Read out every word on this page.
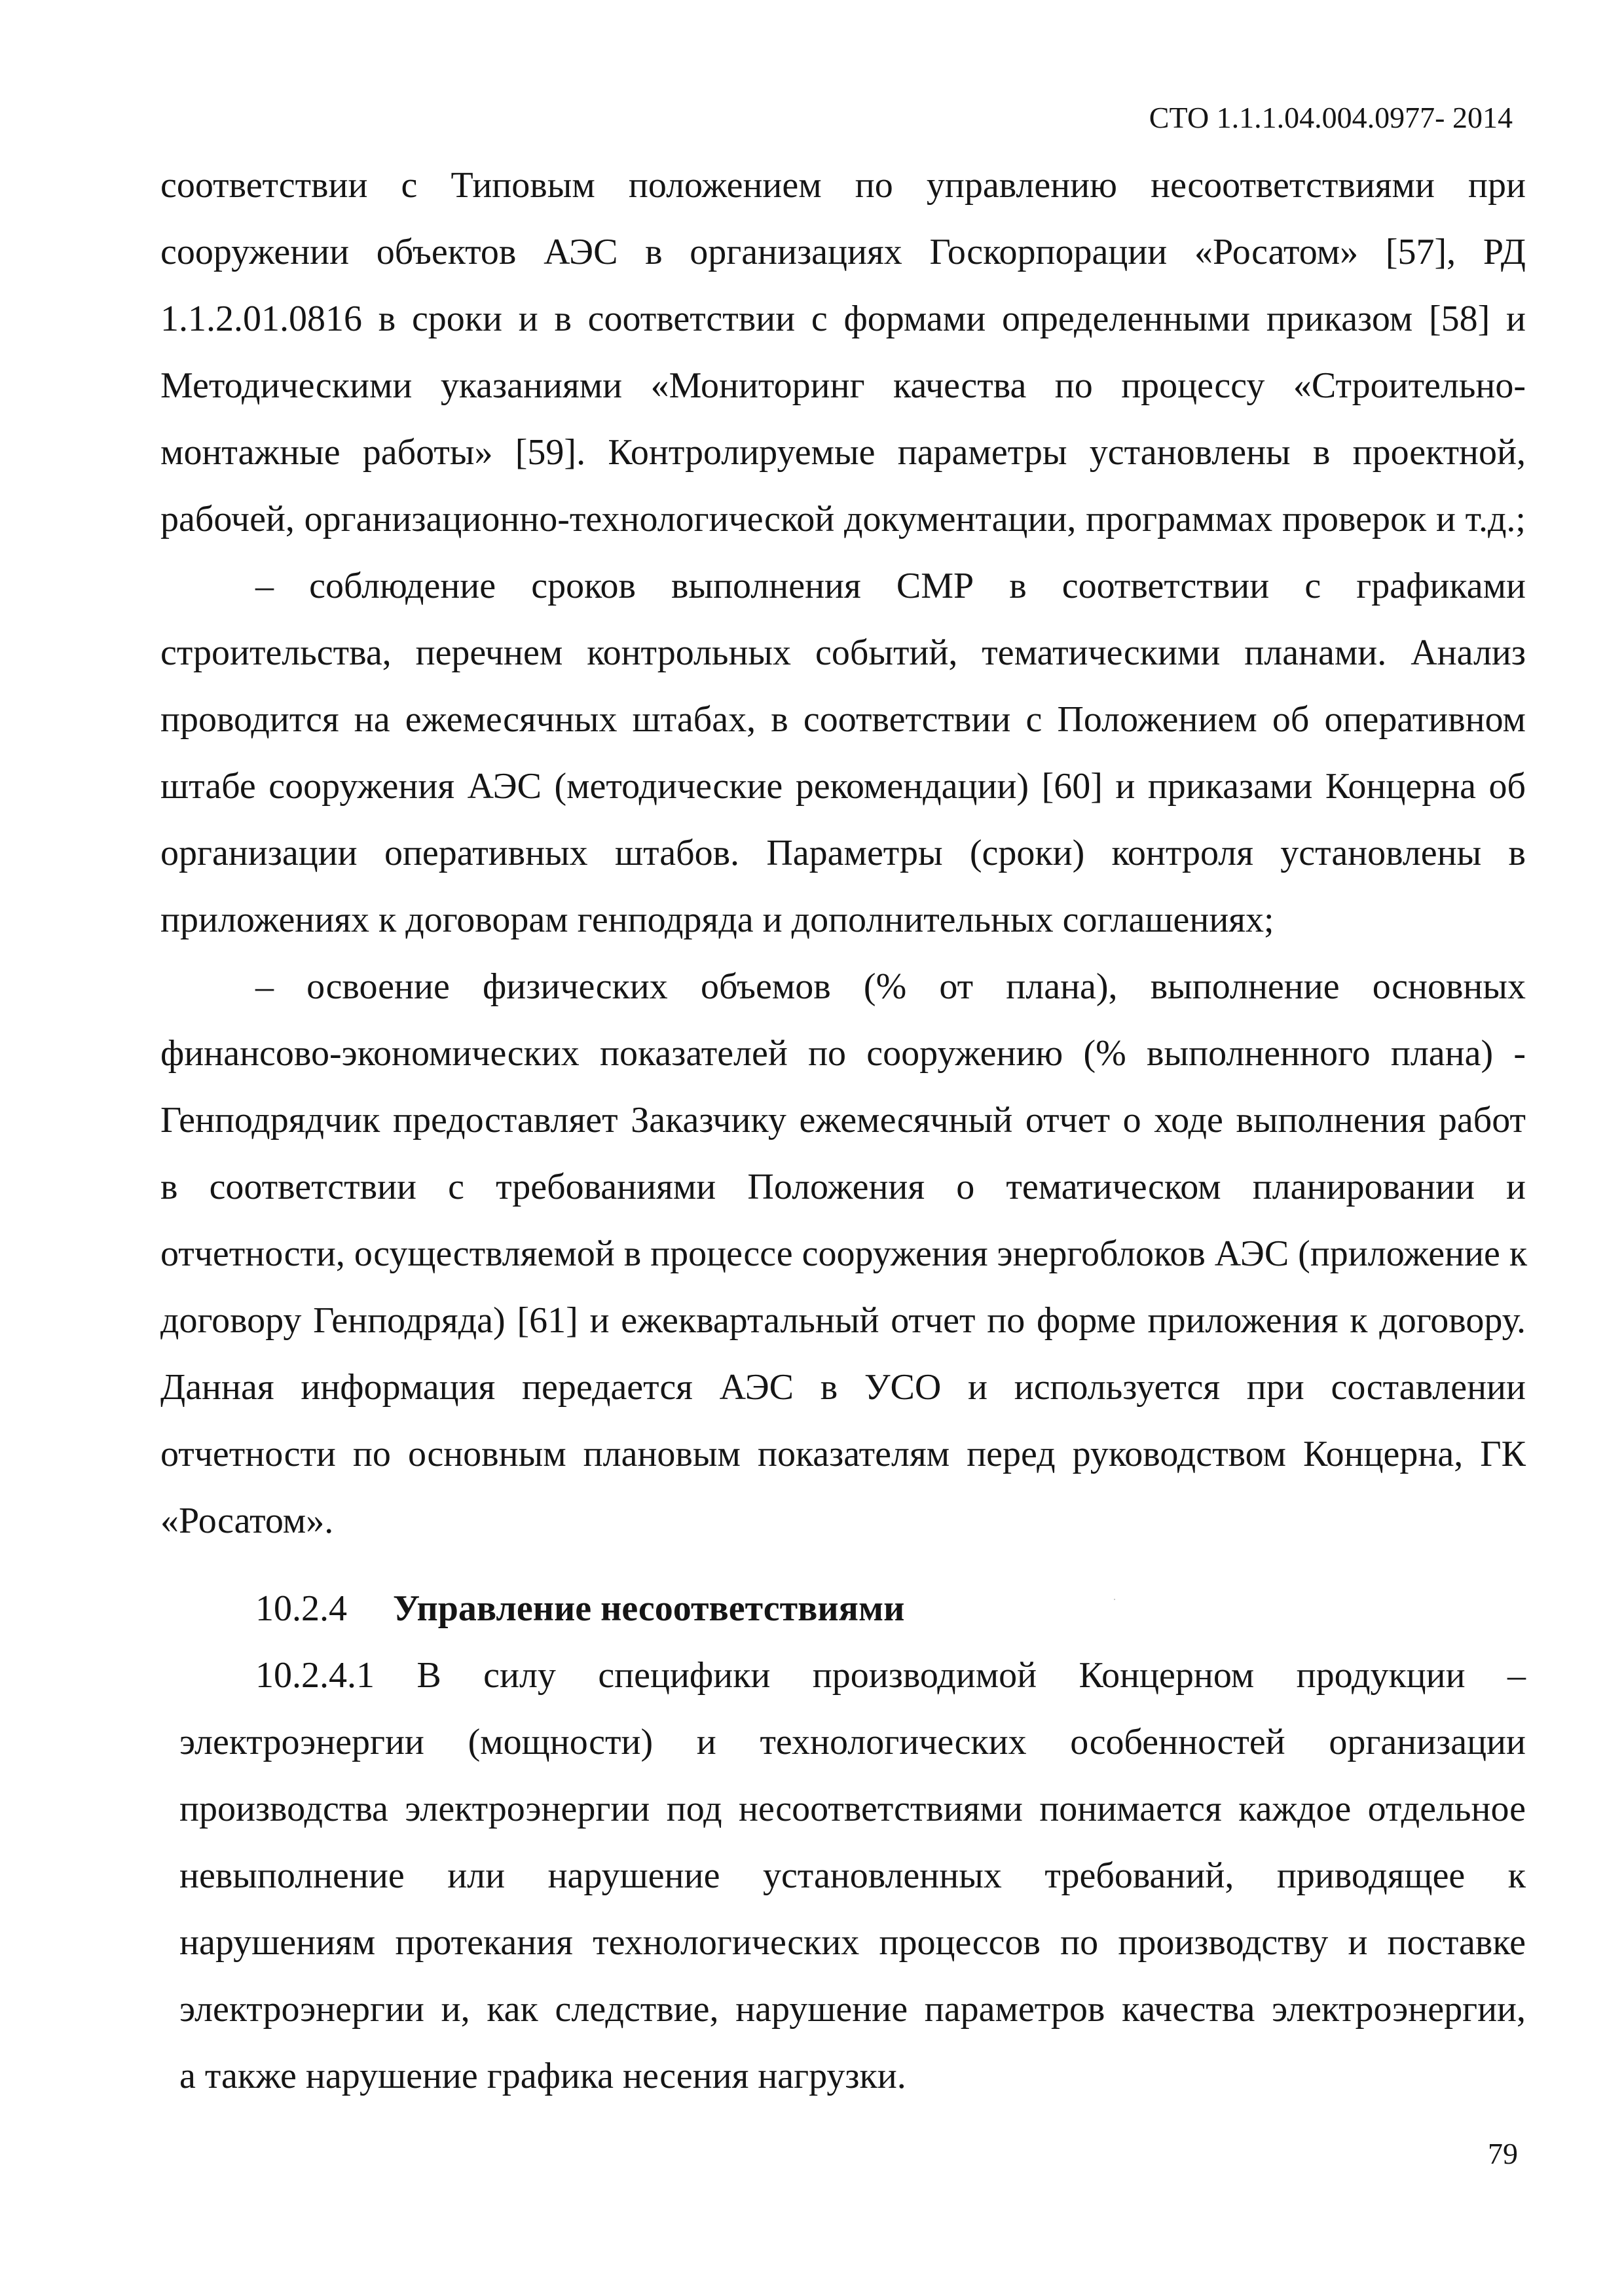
СТО 1.1.1.04.004.0977- 2014
соответствии с Типовым положением по управлению несоответствиями при
сооружении объектов АЭС в организациях Госкорпорации «Росатом» [57], РД
1.1.2.01.0816 в сроки и в соответствии с формами определенными приказом [58] и
Методическими указаниями «Мониторинг качества по процессу «Строительно-
монтажные работы» [59]. Контролируемые параметры установлены в проектной,
рабочей, организационно-технологической документации, программах проверок и т.д.;
– соблюдение сроков выполнения СМР в соответствии с графиками
строительства, перечнем контрольных событий, тематическими планами. Анализ
проводится на ежемесячных штабах, в соответствии с Положением об оперативном
штабе сооружения АЭС (методические рекомендации) [60] и приказами Концерна об
организации оперативных штабов. Параметры (сроки) контроля установлены в
приложениях к договорам генподряда и дополнительных соглашениях;
– освоение физических объемов (% от плана), выполнение основных
финансово-экономических показателей по сооружению (% выполненного плана) -
Генподрядчик предоставляет Заказчику ежемесячный отчет о ходе выполнения работ
в соответствии с требованиями Положения о тематическом планировании и
отчетности, осуществляемой в процессе сооружения энергоблоков АЭС (приложение к
договору Генподряда) [61] и ежеквартальный отчет по форме приложения к договору.
Данная информация передается АЭС в УСО и используется при составлении
отчетности по основным плановым показателям перед руководством Концерна, ГК
«Росатом».
10.2.4 Управление несоответствиями
10.2.4.1 В силу специфики производимой Концерном продукции –
электроэнергии (мощности) и технологических особенностей организации
производства электроэнергии под несоответствиями понимается каждое отдельное
невыполнение или нарушение установленных требований, приводящее к
нарушениям протекания технологических процессов по производству и поставке
электроэнергии и, как следствие, нарушение параметров качества электроэнергии,
а также нарушение графика несения нагрузки.
79
